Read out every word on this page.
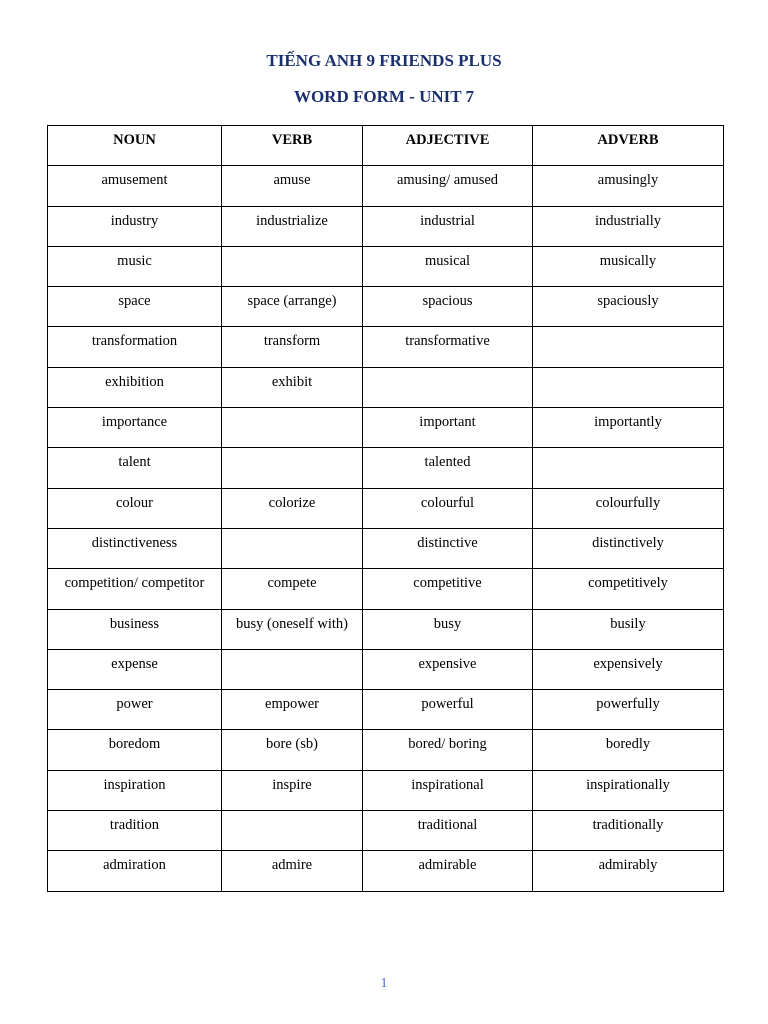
TIẾNG ANH 9 FRIENDS PLUS
WORD FORM - UNIT 7
NOUN	VERB	ADJECTIVE	ADVERB
amusement	amuse	amusing/ amused	amusingly
industry	industrialize	industrial	industrially
music		musical	musically
space	space (arrange)	spacious	spaciously
transformation	transform	transformative	
exhibition	exhibit		
importance		important	importantly
talent		talented	
colour	colorize	colourful	colourfully
distinctiveness		distinctive	distinctively
competition/ competitor	compete	competitive	competitively
business	busy (oneself with)	busy	busily
expense		expensive	expensively
power	empower	powerful	powerfully
boredom	bore (sb)	bored/ boring	boredly
inspiration	inspire	inspirational	inspirationally
tradition		traditional	traditionally
admiration	admire	admirable	admirably
1
